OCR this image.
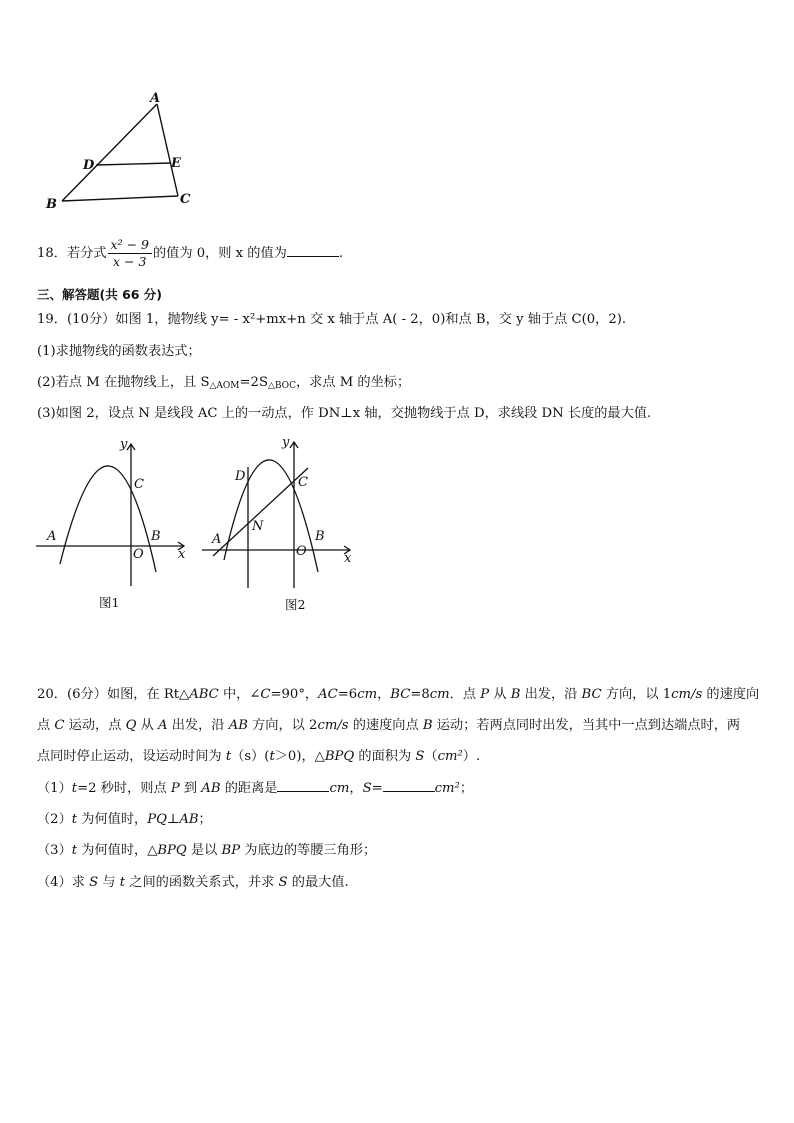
A
D	E
B	C
18．若分式 $\frac{\text{x² − 9}}{x - 3}$ 的值为 0，则 x 的值为	.
三、解答题(共 66 分)
19．(10分）如图 1，抛物线 y= - x²+mx+n 交 x 轴于点 A( - 2，0)和点 B，交 y 轴于点 C(0，2).
(1)求抛物线的函数表达式；
(2)若点 M 在抛物线上，且 $S_{\triangle AOM}=2S_{\triangle BOC}$，求点 M 的坐标；
(3)如图 2，设点 N 是线段 AC 上的一动点，作 DN⊥x 轴，交抛物线于点 D，求线段 DN 长度的最大值.
y
x
C
A	B
O
图1
y
x
D	C
N
A	B
O
图2
20．(6分）如图，在 Rt△ABC 中，∠C=90°，AC=6cm，BC=8cm．点 P 从 B 出发，沿 BC 方向，以 1cm/s 的速度向
点 C 运动，点 Q 从 A 出发，沿 AB 方向，以 2cm/s 的速度向点 B 运动；若两点同时出发，当其中一点到达端点时，两
点同时停止运动，设运动时间为 t（s）(t＞0)，△BPQ 的面积为 S（cm²）.
（1）t=2 秒时，则点 P 到 AB 的距离是	cm，S=	cm²；
（2）t 为何值时，PQ⊥AB；
（3）t 为何值时，△BPQ 是以 BP 为底边的等腰三角形；
（4）求 S 与 t 之间的函数关系式，并求 S 的最大值.
